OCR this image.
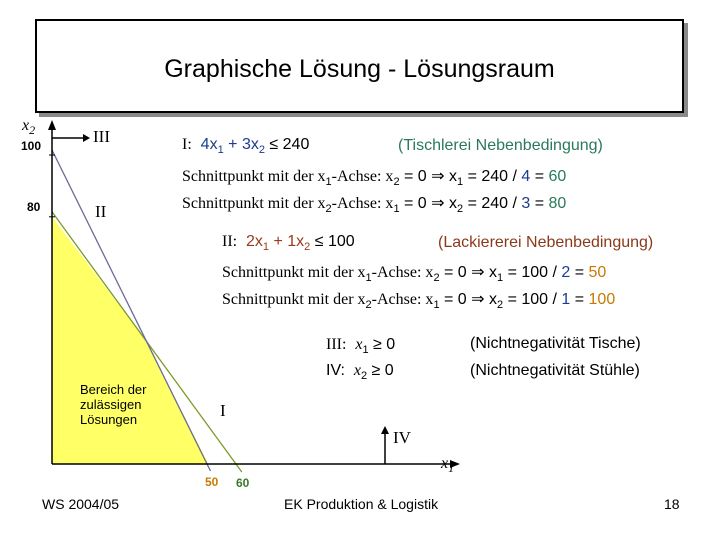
Graphische Lösung - Lösungsraum
$x_2$
100
80
50 60
$x_1$
III
II
I
IV
Bereich der
zulässigen
Lösungen
I: $4x_1 + 3x_2 \le 240$	(Tischlerei Nebenbedingung)
Schnittpunkt mit der $x_1$-Achse: $x_2 = 0$ ⇒ $x_1 = 240 / 4 = 60$
Schnittpunkt mit der $x_2$-Achse: $x_1 = 0$ ⇒ $x_2 = 240 / 3 = 80$
II: $2x_1 + 1x_2 \le 100$	(Lackiererei Nebenbedingung)
Schnittpunkt mit der $x_1$-Achse: $x_2 = 0$ ⇒ $x_1 = 100 / 2 = 50$
Schnittpunkt mit der $x_2$-Achse: $x_1 = 0$ ⇒ $x_2 = 100 / 1 = 100$
III: $x_1 \ge 0$	(Nichtnegativität Tische)
IV: $x_2 \ge 0$	(Nichtnegativität Stühle)
WS 2004/05	EK Produktion & Logistik	18
